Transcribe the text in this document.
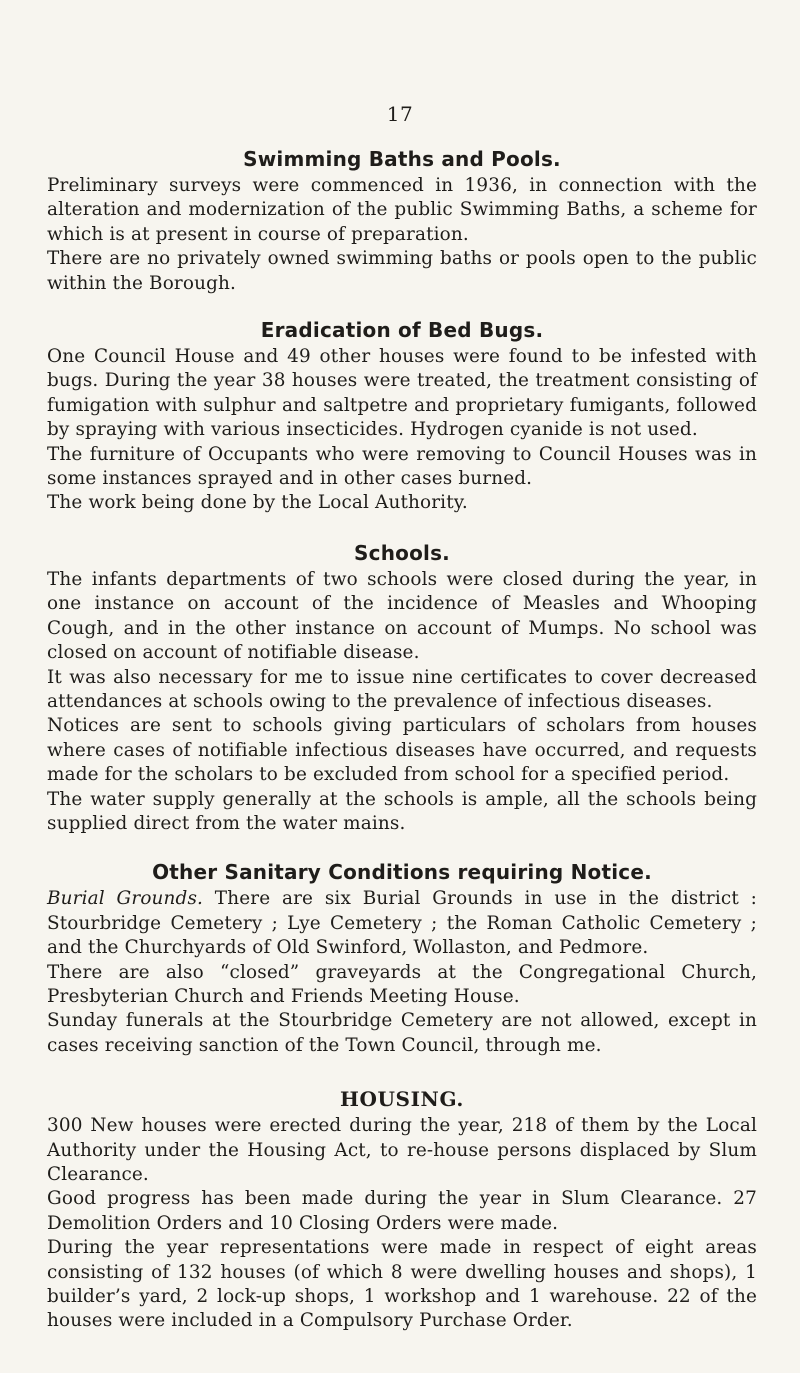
17
Swimming Baths and Pools.

Preliminary surveys were commenced in 1936, in connection with the alteration and modernization of the public Swimming Baths, a scheme for which is at present in course of preparation.

There are no privately owned swimming baths or pools open to the public within the Borough.

Eradication of Bed Bugs.

One Council House and 49 other houses were found to be infested with bugs. During the year 38 houses were treated, the treatment consisting of fumigation with sulphur and saltpetre and proprietary fumigants, followed by spraying with various insecticides. Hydrogen cyanide is not used.

The furniture of Occupants who were removing to Council Houses was in some instances sprayed and in other cases burned.

The work being done by the Local Authority.

Schools.

The infants departments of two schools were closed during the year, in one instance on account of the incidence of Measles and Whooping Cough, and in the other instance on account of Mumps. No school was closed on account of notifiable disease.

It was also necessary for me to issue nine certificates to cover decreased attendances at schools owing to the prevalence of infectious diseases.

Notices are sent to schools giving particulars of scholars from houses where cases of notifiable infectious diseases have occurred, and requests made for the scholars to be excluded from school for a specified period.

The water supply generally at the schools is ample, all the schools being supplied direct from the water mains.

Other Sanitary Conditions requiring Notice.

Burial Grounds. There are six Burial Grounds in use in the district : Stourbridge Cemetery ; Lye Cemetery ; the Roman Catholic Cemetery ; and the Churchyards of Old Swinford, Wollaston, and Pedmore.

There are also “closed” graveyards at the Congregational Church, Presbyterian Church and Friends Meeting House.

Sunday funerals at the Stourbridge Cemetery are not allowed, except in cases receiving sanction of the Town Council, through me.

HOUSING.

300 New houses were erected during the year, 218 of them by the Local Authority under the Housing Act, to re-house persons displaced by Slum Clearance.

Good progress has been made during the year in Slum Clearance. 27 Demolition Orders and 10 Closing Orders were made.

During the year representations were made in respect of eight areas consisting of 132 houses (of which 8 were dwelling houses and shops), 1 builder’s yard, 2 lock-up shops, 1 workshop and 1 warehouse. 22 of the houses were included in a Compulsory Purchase Order.
